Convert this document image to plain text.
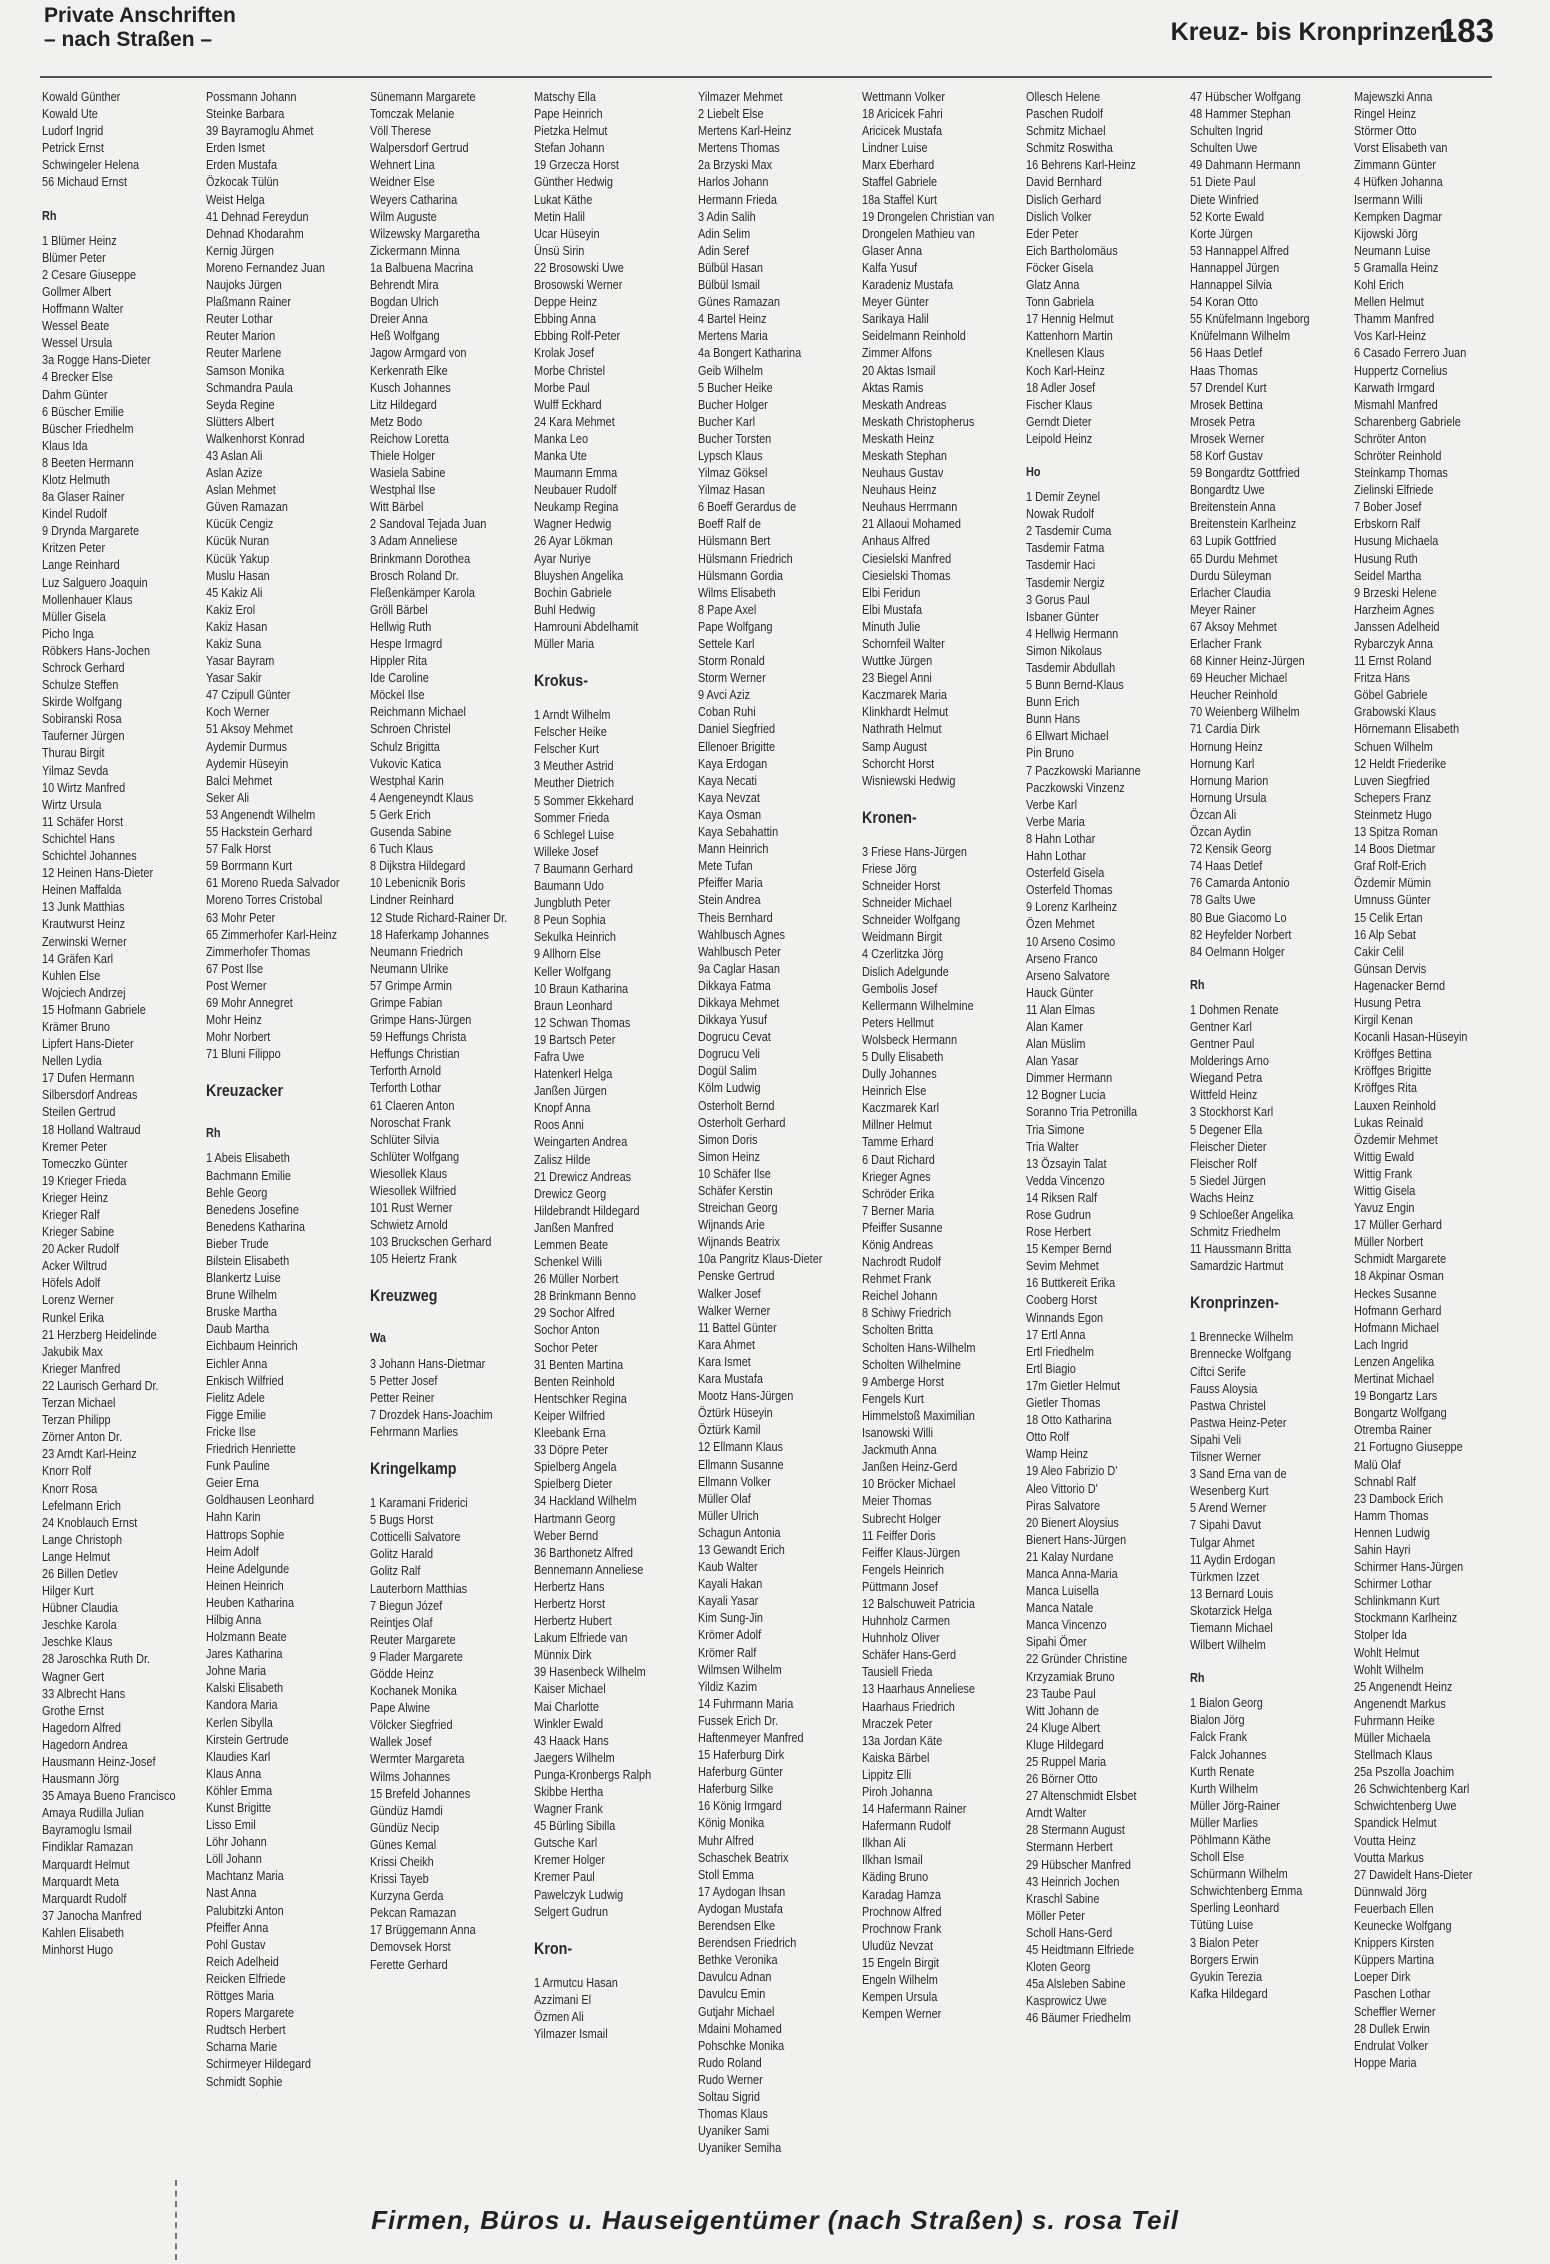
Private Anschriften
– nach Straßen –	Kreuz- bis Kronprinzen-
183
Kowald Günther
Kowald Ute
Ludorf Ingrid
Petrick Ernst
Schwingeler Helena
56 Michaud Ernst
Rh
1 Blümer Heinz
Blümer Peter
2 Cesare Giuseppe
Gollmer Albert
Hoffmann Walter
Wessel Beate
Wessel Ursula
3a Rogge Hans-Dieter
4 Brecker Else
Dahm Günter
6 Büscher Emilie
Büscher Friedhelm
Klaus Ida
8 Beeten Hermann
Klotz Helmuth
8a Glaser Rainer
Kindel Rudolf
9 Drynda Margarete
Kritzen Peter
Lange Reinhard
Luz Salguero Joaquin
Mollenhauer Klaus
Müller Gisela
Picho Inga
Röbkers Hans-Jochen
Schrock Gerhard
Schulze Steffen
Skirde Wolfgang
Sobiranski Rosa
Tauferner Jürgen
Thurau Birgit
Yilmaz Sevda
10 Wirtz Manfred
Wirtz Ursula
11 Schäfer Horst
Schichtel Hans
Schichtel Johannes
12 Heinen Hans-Dieter
Heinen Maffalda
13 Junk Matthias
Krautwurst Heinz
Zerwinski Werner
14 Gräfen Karl
Kuhlen Else
Wojciech Andrzej
15 Hofmann Gabriele
Krämer Bruno
Lipfert Hans-Dieter
Nellen Lydia
17 Dufen Hermann
Silbersdorf Andreas
Steilen Gertrud
18 Holland Waltraud
Kremer Peter
Tomeczko Günter
19 Krieger Frieda
Krieger Heinz
Krieger Ralf
Krieger Sabine
20 Acker Rudolf
Acker Wiltrud
Höfels Adolf
Lorenz Werner
Runkel Erika
21 Herzberg Heidelinde
Jakubik Max
Krieger Manfred
22 Laurisch Gerhard Dr.
Terzan Michael
Terzan Philipp
Zörner Anton Dr.
23 Arndt Karl-Heinz
Knorr Rolf
Knorr Rosa
Lefelmann Erich
24 Knoblauch Ernst
Lange Christoph
Lange Helmut
26 Billen Detlev
Hilger Kurt
Hübner Claudia
Jeschke Karola
Jeschke Klaus
28 Jaroschka Ruth Dr.
Wagner Gert
33 Albrecht Hans
Grothe Ernst
Hagedorn Alfred
Hagedorn Andrea
Hausmann Heinz-Josef
Hausmann Jörg
35 Amaya Bueno Francisco
Amaya Rudilla Julian
Bayramoglu Ismail
Findiklar Ramazan
Marquardt Helmut
Marquardt Meta
Marquardt Rudolf
37 Janocha Manfred
Kahlen Elisabeth
Minhorst Hugo
Possmann Johann
Steinke Barbara
39 Bayramoglu Ahmet
Erden Ismet
Erden Mustafa
Özkocak Tülün
Weist Helga
41 Dehnad Fereydun
Dehnad Khodarahm
Kernig Jürgen
Moreno Fernandez Juan
Naujoks Jürgen
Plaßmann Rainer
Reuter Lothar
Reuter Marion
Reuter Marlene
Samson Monika
Schmandra Paula
Seyda Regine
Slütters Albert
Walkenhorst Konrad
43 Aslan Ali
Aslan Azize
Aslan Mehmet
Güven Ramazan
Kücük Cengiz
Kücük Nuran
Kücük Yakup
Muslu Hasan
45 Kakiz Ali
Kakiz Erol
Kakiz Hasan
Kakiz Suna
Yasar Bayram
Yasar Sakir
47 Czipull Günter
Koch Werner
51 Aksoy Mehmet
Aydemir Durmus
Aydemir Hüseyin
Balci Mehmet
Seker Ali
53 Angenendt Wilhelm
55 Hackstein Gerhard
57 Falk Horst
59 Borrmann Kurt
61 Moreno Rueda Salvador
Moreno Torres Cristobal
63 Mohr Peter
65 Zimmerhofer Karl-Heinz
Zimmerhofer Thomas
67 Post Ilse
Post Werner
69 Mohr Annegret
Mohr Heinz
Mohr Norbert
71 Bluni Filippo
Kreuzacker
Rh
1 Abeis Elisabeth
Bachmann Emilie
Behle Georg
Benedens Josefine
Benedens Katharina
Bieber Trude
Bilstein Elisabeth
Blankertz Luise
Brune Wilhelm
Bruske Martha
Daub Martha
Eichbaum Heinrich
Eichler Anna
Enkisch Wilfried
Fielitz Adele
Figge Emilie
Fricke Ilse
Friedrich Henriette
Funk Pauline
Geier Erna
Goldhausen Leonhard
Hahn Karin
Hattrops Sophie
Heim Adolf
Heine Adelgunde
Heinen Heinrich
Heuben Katharina
Hilbig Anna
Holzmann Beate
Jares Katharina
Johne Maria
Kalski Elisabeth
Kandora Maria
Kerlen Sibylla
Kirstein Gertrude
Klaudies Karl
Klaus Anna
Köhler Emma
Kunst Brigitte
Lisso Emil
Löhr Johann
Löll Johann
Machtanz Maria
Nast Anna
Palubitzki Anton
Pfeiffer Anna
Pohl Gustav
Reich Adelheid
Reicken Elfriede
Röttges Maria
Ropers Margarete
Rudtsch Herbert
Scharna Marie
Schirmeyer Hildegard
Schmidt Sophie
Sünemann Margarete
Tomczak Melanie
Völl Therese
Walpersdorf Gertrud
Wehnert Lina
Weidner Else
Weyers Catharina
Wilm Auguste
Wilzewsky Margaretha
Zickermann Minna
1a Balbuena Macrina
Behrendt Mira
Bogdan Ulrich
Dreier Anna
Heß Wolfgang
Jagow Armgard von
Kerkenrath Elke
Kusch Johannes
Litz Hildegard
Metz Bodo
Reichow Loretta
Thiele Holger
Wasiela Sabine
Westphal Ilse
Witt Bärbel
2 Sandoval Tejada Juan
3 Adam Anneliese
Brinkmann Dorothea
Brosch Roland Dr.
Fleßenkämper Karola
Gröll Bärbel
Hellwig Ruth
Hespe Irmagrd
Hippler Rita
Ide Caroline
Möckel Ilse
Reichmann Michael
Schroen Christel
Schulz Brigitta
Vukovic Katica
Westphal Karin
4 Aengeneyndt Klaus
5 Gerk Erich
Gusenda Sabine
6 Tuch Klaus
8 Dijkstra Hildegard
10 Lebenicnik Boris
Lindner Reinhard
12 Stude Richard-Rainer Dr.
18 Haferkamp Johannes
Neumann Friedrich
Neumann Ulrike
57 Grimpe Armin
Grimpe Fabian
Grimpe Hans-Jürgen
59 Heffungs Christa
Heffungs Christian
Terforth Arnold
Terforth Lothar
61 Claeren Anton
Noroschat Frank
Schlüter Silvia
Schlüter Wolfgang
Wiesollek Klaus
Wiesollek Wilfried
101 Rust Werner
Schwietz Arnold
103 Bruckschen Gerhard
105 Heiertz Frank
Kreuzweg
Wa
3 Johann Hans-Dietmar
5 Petter Josef
Petter Reiner
7 Drozdek Hans-Joachim
Fehrmann Marlies
Kringelkamp
1 Karamani Friderici
5 Bugs Horst
Cotticelli Salvatore
Golitz Harald
Golitz Ralf
Lauterborn Matthias
7 Biegun Józef
Reintjes Olaf
Reuter Margarete
9 Flader Margarete
Gödde Heinz
Kochanek Monika
Pape Alwine
Völcker Siegfried
Wallek Josef
Wermter Margareta
Wilms Johannes
15 Brefeld Johannes
Gündüz Hamdi
Gündüz Necip
Günes Kemal
Krissi Cheikh
Krissi Tayeb
Kurzyna Gerda
Pekcan Ramazan
17 Brüggemann Anna
Demovsek Horst
Ferette Gerhard
Matschy Ella
Pape Heinrich
Pietzka Helmut
Stefan Johann
19 Grzecza Horst
Günther Hedwig
Lukat Käthe
Metin Halil
Ucar Hüseyin
Ünsü Sirin
22 Brosowski Uwe
Brosowski Werner
Deppe Heinz
Ebbing Anna
Ebbing Rolf-Peter
Krolak Josef
Morbe Christel
Morbe Paul
Wulff Eckhard
24 Kara Mehmet
Manka Leo
Manka Ute
Maumann Emma
Neubauer Rudolf
Neukamp Regina
Wagner Hedwig
26 Ayar Lökman
Ayar Nuriye
Bluyshen Angelika
Bochin Gabriele
Buhl Hedwig
Hamrouni Abdelhamit
Müller Maria
Krokus-
1 Arndt Wilhelm
Felscher Heike
Felscher Kurt
3 Meuther Astrid
Meuther Dietrich
5 Sommer Ekkehard
Sommer Frieda
6 Schlegel Luise
Willeke Josef
7 Baumann Gerhard
Baumann Udo
Jungbluth Peter
8 Peun Sophia
Sekulka Heinrich
9 Allhorn Else
Keller Wolfgang
10 Braun Katharina
Braun Leonhard
12 Schwan Thomas
19 Bartsch Peter
Fafra Uwe
Hatenkerl Helga
Janßen Jürgen
Knopf Anna
Roos Anni
Weingarten Andrea
Zalisz Hilde
21 Drewicz Andreas
Drewicz Georg
Hildebrandt Hildegard
Janßen Manfred
Lemmen Beate
Schenkel Willi
26 Müller Norbert
28 Brinkmann Benno
29 Sochor Alfred
Sochor Anton
Sochor Peter
31 Benten Martina
Benten Reinhold
Hentschker Regina
Keiper Wilfried
Kleebank Erna
33 Döpre Peter
Spielberg Angela
Spielberg Dieter
34 Hackland Wilhelm
Hartmann Georg
Weber Bernd
36 Barthonetz Alfred
Bennemann Anneliese
Herbertz Hans
Herbertz Horst
Herbertz Hubert
Lakum Elfriede van
Münnix Dirk
39 Hasenbeck Wilhelm
Kaiser Michael
Mai Charlotte
Winkler Ewald
43 Haack Hans
Jaegers Wilhelm
Punga-Kronbergs Ralph
Skibbe Hertha
Wagner Frank
45 Bürling Sibilla
Gutsche Karl
Kremer Holger
Kremer Paul
Pawelczyk Ludwig
Selgert Gudrun
Kron-
1 Armutcu Hasan
Azzimani El
Özmen Ali
Yilmazer Ismail
Yilmazer Mehmet
2 Liebelt Else
Mertens Karl-Heinz
Mertens Thomas
2a Brzyski Max
Harlos Johann
Hermann Frieda
3 Adin Salih
Adin Selim
Adin Seref
Bülbül Hasan
Bülbül Ismail
Günes Ramazan
4 Bartel Heinz
Mertens Maria
4a Bongert Katharina
Geib Wilhelm
5 Bucher Heike
Bucher Holger
Bucher Karl
Bucher Torsten
Lypsch Klaus
Yilmaz Göksel
Yilmaz Hasan
6 Boeff Gerardus de
Boeff Ralf de
Hülsmann Bert
Hülsmann Friedrich
Hülsmann Gordia
Wilms Elisabeth
8 Pape Axel
Pape Wolfgang
Settele Karl
Storm Ronald
Storm Werner
9 Avci Aziz
Coban Ruhi
Daniel Siegfried
Ellenoer Brigitte
Kaya Erdogan
Kaya Necati
Kaya Nevzat
Kaya Osman
Kaya Sebahattin
Mann Heinrich
Mete Tufan
Pfeiffer Maria
Stein Andrea
Theis Bernhard
Wahlbusch Agnes
Wahlbusch Peter
9a Caglar Hasan
Dikkaya Fatma
Dikkaya Mehmet
Dikkaya Yusuf
Dogrucu Cevat
Dogrucu Veli
Dogül Salim
Kölm Ludwig
Osterholt Bernd
Osterholt Gerhard
Simon Doris
Simon Heinz
10 Schäfer Ilse
Schäfer Kerstin
Streichan Georg
Wijnands Arie
Wijnands Beatrix
10a Pangritz Klaus-Dieter
Penske Gertrud
Walker Josef
Walker Werner
11 Battel Günter
Kara Ahmet
Kara Ismet
Kara Mustafa
Mootz Hans-Jürgen
Öztürk Hüseyin
Öztürk Kamil
12 Ellmann Klaus
Ellmann Susanne
Ellmann Volker
Müller Olaf
Müller Ulrich
Schagun Antonia
13 Gewandt Erich
Kaub Walter
Kayali Hakan
Kayali Yasar
Kim Sung-Jin
Krömer Adolf
Krömer Ralf
Wilmsen Wilhelm
Yildiz Kazim
14 Fuhrmann Maria
Fussek Erich Dr.
Haftenmeyer Manfred
15 Haferburg Dirk
Haferburg Günter
Haferburg Silke
16 König Irmgard
König Monika
Muhr Alfred
Schaschek Beatrix
Stoll Emma
17 Aydogan Ihsan
Aydogan Mustafa
Berendsen Elke
Berendsen Friedrich
Bethke Veronika
Davulcu Adnan
Davulcu Emin
Gutjahr Michael
Mdaini Mohamed
Pohschke Monika
Rudo Roland
Rudo Werner
Soltau Sigrid
Thomas Klaus
Uyaniker Sami
Uyaniker Semiha
Wettmann Volker
18 Aricicek Fahri
Aricicek Mustafa
Lindner Luise
Marx Eberhard
Staffel Gabriele
18a Staffel Kurt
19 Drongelen Christian van
Drongelen Mathieu van
Glaser Anna
Kalfa Yusuf
Karadeniz Mustafa
Meyer Günter
Sarikaya Halil
Seidelmann Reinhold
Zimmer Alfons
20 Aktas Ismail
Aktas Ramis
Meskath Andreas
Meskath Christopherus
Meskath Heinz
Meskath Stephan
Neuhaus Gustav
Neuhaus Heinz
Neuhaus Herrmann
21 Allaoui Mohamed
Anhaus Alfred
Ciesielski Manfred
Ciesielski Thomas
Elbi Feridun
Elbi Mustafa
Minuth Julie
Schornfeil Walter
Wuttke Jürgen
23 Biegel Anni
Kaczmarek Maria
Klinkhardt Helmut
Nathrath Helmut
Samp August
Schorcht Horst
Wisniewski Hedwig
Kronen-
3 Friese Hans-Jürgen
Friese Jörg
Schneider Horst
Schneider Michael
Schneider Wolfgang
Weidmann Birgit
4 Czerlitzka Jörg
Dislich Adelgunde
Gembolis Josef
Kellermann Wilhelmine
Peters Hellmut
Wolsbeck Hermann
5 Dully Elisabeth
Dully Johannes
Heinrich Else
Kaczmarek Karl
Millner Helmut
Tamme Erhard
6 Daut Richard
Krieger Agnes
Schröder Erika
7 Berner Maria
Pfeiffer Susanne
König Andreas
Nachrodt Rudolf
Rehmet Frank
Reichel Johann
8 Schiwy Friedrich
Scholten Britta
Scholten Hans-Wilhelm
Scholten Wilhelmine
9 Amberge Horst
Fengels Kurt
Himmelstoß Maximilian
Isanowski Willi
Jackmuth Anna
Janßen Heinz-Gerd
10 Bröcker Michael
Meier Thomas
Subrecht Holger
11 Feiffer Doris
Feiffer Klaus-Jürgen
Fengels Heinrich
Püttmann Josef
12 Balschuweit Patricia
Huhnholz Carmen
Huhnholz Oliver
Schäfer Hans-Gerd
Tausiell Frieda
13 Haarhaus Anneliese
Haarhaus Friedrich
Mraczek Peter
13a Jordan Käte
Kaiska Bärbel
Lippitz Elli
Piroh Johanna
14 Hafermann Rainer
Hafermann Rudolf
Ilkhan Ali
Ilkhan Ismail
Käding Bruno
Karadag Hamza
Prochnow Alfred
Prochnow Frank
Uludüz Nevzat
15 Engeln Birgit
Engeln Wilhelm
Kempen Ursula
Kempen Werner
Ollesch Helene
Paschen Rudolf
Schmitz Michael
Schmitz Roswitha
16 Behrens Karl-Heinz
David Bernhard
Dislich Gerhard
Dislich Volker
Eder Peter
Eich Bartholomäus
Föcker Gisela
Glatz Anna
Tonn Gabriela
17 Hennig Helmut
Kattenhorn Martin
Knellesen Klaus
Koch Karl-Heinz
18 Adler Josef
Fischer Klaus
Gerndt Dieter
Leipold Heinz
Ho
1 Demir Zeynel
Nowak Rudolf
2 Tasdemir Cuma
Tasdemir Fatma
Tasdemir Haci
Tasdemir Nergiz
3 Gorus Paul
Isbaner Günter
4 Hellwig Hermann
Simon Nikolaus
Tasdemir Abdullah
5 Bunn Bernd-Klaus
Bunn Erich
Bunn Hans
6 Ellwart Michael
Pin Bruno
7 Paczkowski Marianne
Paczkowski Vinzenz
Verbe Karl
Verbe Maria
8 Hahn Lothar
Hahn Lothar
Osterfeld Gisela
Osterfeld Thomas
9 Lorenz Karlheinz
Özen Mehmet
10 Arseno Cosimo
Arseno Franco
Arseno Salvatore
Hauck Günter
11 Alan Elmas
Alan Kamer
Alan Müslim
Alan Yasar
Dimmer Hermann
12 Bogner Lucia
Soranno Tria Petronilla
Tria Simone
Tria Walter
13 Özsayin Talat
Vedda Vincenzo
14 Riksen Ralf
Rose Gudrun
Rose Herbert
15 Kemper Bernd
Sevim Mehmet
16 Buttkereit Erika
Cooberg Horst
Winnands Egon
17 Ertl Anna
Ertl Friedhelm
Ertl Biagio
17m Gietler Helmut
Gietler Thomas
18 Otto Katharina
Otto Rolf
Wamp Heinz
19 Aleo Fabrizio D'
Aleo Vittorio D'
Piras Salvatore
20 Bienert Aloysius
Bienert Hans-Jürgen
21 Kalay Nurdane
Manca Anna-Maria
Manca Luisella
Manca Natale
Manca Vincenzo
Sipahi Ömer
22 Gründer Christine
Krzyzamiak Bruno
23 Taube Paul
Witt Johann de
24 Kluge Albert
Kluge Hildegard
25 Ruppel Maria
26 Börner Otto
27 Altenschmidt Elsbet
Arndt Walter
28 Stermann August
Stermann Herbert
29 Hübscher Manfred
43 Heinrich Jochen
Kraschl Sabine
Möller Peter
Scholl Hans-Gerd
45 Heidtmann Elfriede
Kloten Georg
45a Alsleben Sabine
Kasprowicz Uwe
46 Bäumer Friedhelm
47 Hübscher Wolfgang
48 Hammer Stephan
Schulten Ingrid
Schulten Uwe
49 Dahmann Hermann
51 Diete Paul
Diete Winfried
52 Korte Ewald
Korte Jürgen
53 Hannappel Alfred
Hannappel Jürgen
Hannappel Silvia
54 Koran Otto
55 Knüfelmann Ingeborg
Knüfelmann Wilhelm
56 Haas Detlef
Haas Thomas
57 Drendel Kurt
Mrosek Bettina
Mrosek Petra
Mrosek Werner
58 Korf Gustav
59 Bongardtz Gottfried
Bongardtz Uwe
Breitenstein Anna
Breitenstein Karlheinz
63 Lupik Gottfried
65 Durdu Mehmet
Durdu Süleyman
Erlacher Claudia
Meyer Rainer
67 Aksoy Mehmet
Erlacher Frank
68 Kinner Heinz-Jürgen
69 Heucher Michael
Heucher Reinhold
70 Weienberg Wilhelm
71 Cardia Dirk
Hornung Heinz
Hornung Karl
Hornung Marion
Hornung Ursula
Özcan Ali
Özcan Aydin
72 Kensik Georg
74 Haas Detlef
76 Camarda Antonio
78 Galts Uwe
80 Bue Giacomo Lo
82 Heyfelder Norbert
84 Oelmann Holger
Rh
1 Dohmen Renate
Gentner Karl
Gentner Paul
Molderings Arno
Wiegand Petra
Wittfeld Heinz
3 Stockhorst Karl
5 Degener Ella
Fleischer Dieter
Fleischer Rolf
5 Siedel Jürgen
Wachs Heinz
9 Schloeßer Angelika
Schmitz Friedhelm
11 Haussmann Britta
Samardzic Hartmut
Kronprinzen-
1 Brennecke Wilhelm
Brennecke Wolfgang
Ciftci Serife
Fauss Aloysia
Pastwa Christel
Pastwa Heinz-Peter
Sipahi Veli
Tilsner Werner
3 Sand Erna van de
Wesenberg Kurt
5 Arend Werner
7 Sipahi Davut
Tulgar Ahmet
11 Aydin Erdogan
Türkmen Izzet
13 Bernard Louis
Skotarzick Helga
Tiemann Michael
Wilbert Wilhelm
Rh
1 Bialon Georg
Bialon Jörg
Falck Frank
Falck Johannes
Kurth Renate
Kurth Wilhelm
Müller Jörg-Rainer
Müller Marlies
Pöhlmann Käthe
Scholl Else
Schürmann Wilhelm
Schwichtenberg Emma
Sperling Leonhard
Tütüng Luise
3 Bialon Peter
Borgers Erwin
Gyukin Terezia
Kafka Hildegard
Majewszki Anna
Ringel Heinz
Störmer Otto
Vorst Elisabeth van
Zimmann Günter
4 Hüfken Johanna
Isermann Willi
Kempken Dagmar
Kijowski Jörg
Neumann Luise
5 Gramalla Heinz
Kohl Erich
Mellen Helmut
Thamm Manfred
Vos Karl-Heinz
6 Casado Ferrero Juan
Huppertz Cornelius
Karwath Irmgard
Mismahl Manfred
Scharenberg Gabriele
Schröter Anton
Schröter Reinhold
Steinkamp Thomas
Zielinski Elfriede
7 Bober Josef
Erbskorn Ralf
Husung Michaela
Husung Ruth
Seidel Martha
9 Brzeski Helene
Harzheim Agnes
Janssen Adelheid
Rybarczyk Anna
11 Ernst Roland
Fritza Hans
Göbel Gabriele
Grabowski Klaus
Hörnemann Elisabeth
Schuen Wilhelm
12 Heldt Friederike
Luven Siegfried
Schepers Franz
Steinmetz Hugo
13 Spitza Roman
14 Boos Dietmar
Graf Rolf-Erich
Özdemir Mümin
Umnuss Günter
15 Celik Ertan
16 Alp Sebat
Cakir Celil
Günsan Dervis
Hagenacker Bernd
Husung Petra
Kirgil Kenan
Kocanli Hasan-Hüseyin
Kröffges Bettina
Kröffges Brigitte
Kröffges Rita
Lauxen Reinhold
Lukas Reinald
Özdemir Mehmet
Wittig Ewald
Wittig Frank
Wittig Gisela
Yavuz Engin
17 Müller Gerhard
Müller Norbert
Schmidt Margarete
18 Akpinar Osman
Heckes Susanne
Hofmann Gerhard
Hofmann Michael
Lach Ingrid
Lenzen Angelika
Mertinat Michael
19 Bongartz Lars
Bongartz Wolfgang
Otremba Rainer
21 Fortugno Giuseppe
Malü Olaf
Schnabl Ralf
23 Dambock Erich
Hamm Thomas
Hennen Ludwig
Sahin Hayri
Schirmer Hans-Jürgen
Schirmer Lothar
Schlinkmann Kurt
Stockmann Karlheinz
Stolper Ida
Wohlt Helmut
Wohlt Wilhelm
25 Angenendt Heinz
Angenendt Markus
Fuhrmann Heike
Müller Michaela
Stellmach Klaus
25a Pszolla Joachim
26 Schwichtenberg Karl
Schwichtenberg Uwe
Spandick Helmut
Voutta Heinz
Voutta Markus
27 Dawidelt Hans-Dieter
Dünnwald Jörg
Feuerbach Ellen
Keunecke Wolfgang
Knippers Kirsten
Küppers Martina
Loeper Dirk
Paschen Lothar
Scheffler Werner
28 Dullek Erwin
Endrulat Volker
Hoppe Maria
Firmen, Büros u. Hauseigentümer (nach Straßen) s. rosa Teil
